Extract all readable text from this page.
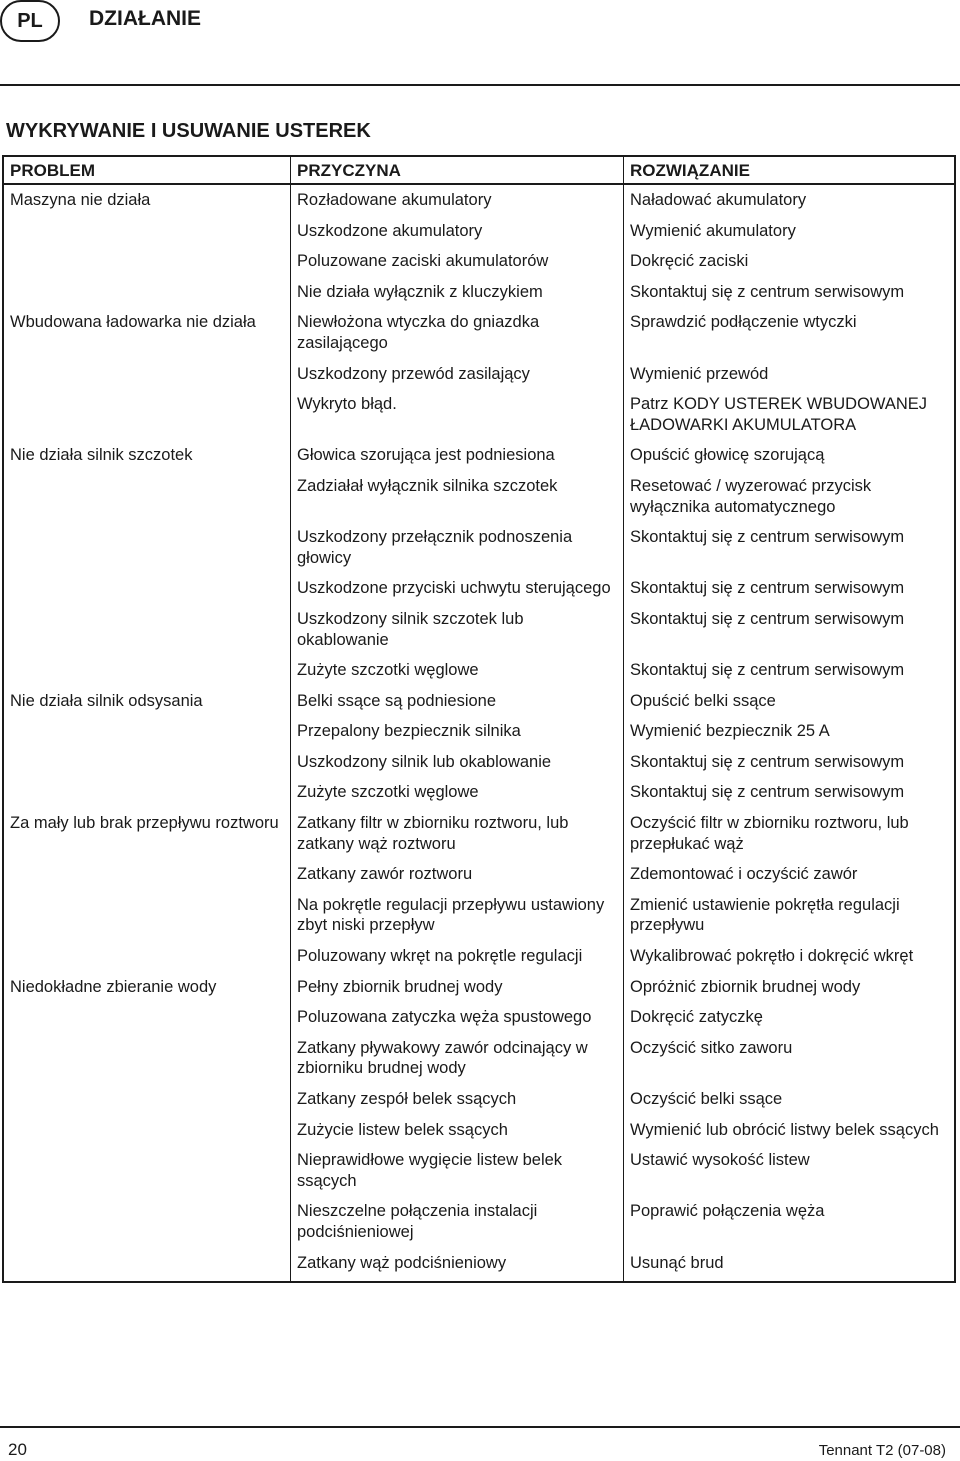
PL	DZIAŁANIE
WYKRYWANIE I USUWANIE USTEREK
PROBLEM	PRZYCZYNA	ROZWIĄZANIE
Maszyna nie działa	Rozładowane akumulatory	Naładować akumulatory
	Uszkodzone akumulatory	Wymienić akumulatory
	Poluzowane zaciski akumulatorów	Dokręcić zaciski
	Nie działa wyłącznik z kluczykiem	Skontaktuj się z centrum serwisowym
Wbudowana ładowarka nie działa	Niewłożona wtyczka do gniazdka zasilającego	Sprawdzić podłączenie wtyczki
	Uszkodzony przewód zasilający	Wymienić przewód
	Wykryto błąd.	Patrz KODY USTEREK WBUDOWANEJ ŁADOWARKI AKUMULATORA
Nie działa silnik szczotek	Głowica szorująca jest podniesiona	Opuścić głowicę szorującą
	Zadziałał wyłącznik silnika szczotek	Resetować / wyzerować przycisk wyłącznika automatycznego
	Uszkodzony przełącznik podnoszenia głowicy	Skontaktuj się z centrum serwisowym
	Uszkodzone przyciski uchwytu sterującego	Skontaktuj się z centrum serwisowym
	Uszkodzony silnik szczotek lub okablowanie	Skontaktuj się z centrum serwisowym
	Zużyte szczotki węglowe	Skontaktuj się z centrum serwisowym
Nie działa silnik odsysania	Belki ssące są podniesione	Opuścić belki ssące
	Przepalony bezpiecznik silnika	Wymienić bezpiecznik 25 A
	Uszkodzony silnik lub okablowanie	Skontaktuj się z centrum serwisowym
	Zużyte szczotki węglowe	Skontaktuj się z centrum serwisowym
Za mały lub brak przepływu roztworu	Zatkany filtr w zbiorniku roztworu, lub zatkany wąż roztworu	Oczyścić filtr w zbiorniku roztworu, lub przepłukać wąż
	Zatkany zawór roztworu	Zdemontować i oczyścić zawór
	Na pokrętle regulacji przepływu ustawiony zbyt niski przepływ	Zmienić ustawienie pokrętła regulacji przepływu
	Poluzowany wkręt na pokrętle regulacji	Wykalibrować pokrętło i dokręcić wkręt
Niedokładne zbieranie wody	Pełny zbiornik brudnej wody	Opróżnić zbiornik brudnej wody
	Poluzowana zatyczka węża spustowego	Dokręcić zatyczkę
	Zatkany pływakowy zawór odcinający w zbiorniku brudnej wody	Oczyścić sitko zaworu
	Zatkany zespół belek ssących	Oczyścić belki ssące
	Zużycie listew belek ssących	Wymienić lub obrócić listwy belek ssących
	Nieprawidłowe wygięcie listew belek ssących	Ustawić wysokość listew
	Nieszczelne połączenia instalacji podciśnieniowej	Poprawić połączenia węża
	Zatkany wąż podciśnieniowy	Usunąć brud
20	Tennant T2 (07-08)
